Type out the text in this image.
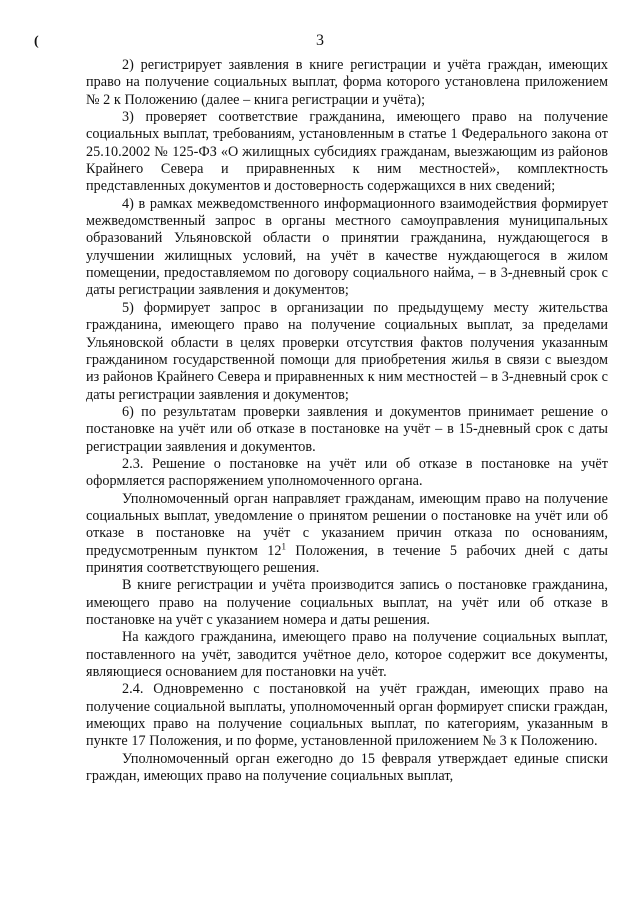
(	3

2) регистрирует заявления в книге регистрации и учёта граждан, имеющих право на получение социальных выплат, форма которого установлена приложением № 2 к Положению (далее – книга регистрации и учёта);

3) проверяет соответствие гражданина, имеющего право на получение социальных выплат, требованиям, установленным в статье 1 Федерального закона от 25.10.2002 № 125-ФЗ «О жилищных субсидиях гражданам, выезжающим из районов Крайнего Севера и приравненных к ним местностей», комплектность представленных документов и достоверность содержащихся в них сведений;

4) в рамках межведомственного информационного взаимодействия формирует межведомственный запрос в органы местного самоуправления муниципальных образований Ульяновской области о принятии гражданина, нуждающегося в улучшении жилищных условий, на учёт в качестве нуждающегося в жилом помещении, предоставляемом по договору социального найма, – в 3-дневный срок с даты регистрации заявления и документов;

5) формирует запрос в организации по предыдущему месту жительства гражданина, имеющего право на получение социальных выплат, за пределами Ульяновской области в целях проверки отсутствия фактов получения указанным гражданином государственной помощи для приобретения жилья в связи с выездом из районов Крайнего Севера и приравненных к ним местностей – в 3-дневный срок с даты регистрации заявления и документов;

6) по результатам проверки заявления и документов принимает решение о постановке на учёт или об отказе в постановке на учёт – в 15-дневный срок с даты регистрации заявления и документов.

2.3. Решение о постановке на учёт или об отказе в постановке на учёт оформляется распоряжением уполномоченного органа.

Уполномоченный орган направляет гражданам, имеющим право на получение социальных выплат, уведомление о принятом решении о постановке на учёт или об отказе в постановке на учёт с указанием причин отказа по основаниям, предусмотренным пунктом $12^1$ Положения, в течение 5 рабочих дней с даты принятия соответствующего решения.

В книге регистрации и учёта производится запись о постановке гражданина, имеющего право на получение социальных выплат, на учёт или об отказе в постановке на учёт с указанием номера и даты решения.

На каждого гражданина, имеющего право на получение социальных выплат, поставленного на учёт, заводится учётное дело, которое содержит все документы, являющиеся основанием для постановки на учёт.

2.4. Одновременно с постановкой на учёт граждан, имеющих право на получение социальной выплаты, уполномоченный орган формирует списки граждан, имеющих право на получение социальных выплат, по категориям, указанным в пункте 17 Положения, и по форме, установленной приложением № 3 к Положению.

Уполномоченный орган ежегодно до 15 февраля утверждает единые списки граждан, имеющих право на получение социальных выплат,
